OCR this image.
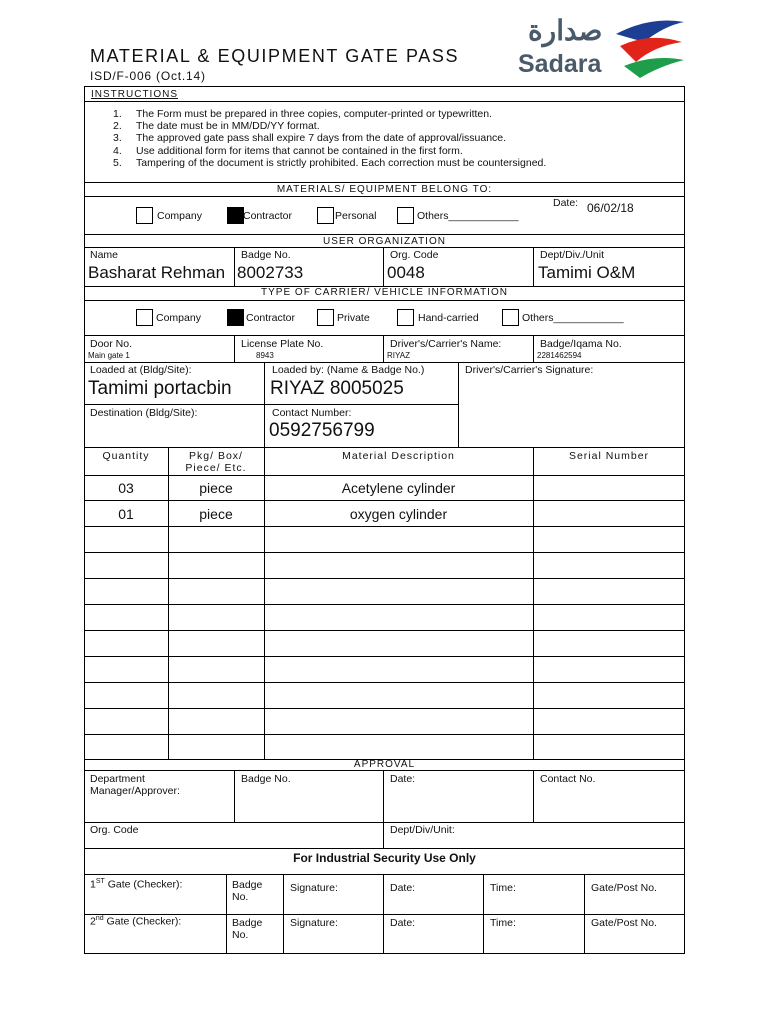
MATERIAL & EQUIPMENT GATE PASS
ISD/F-006 (Oct.14)
صدارة
Sadara
INSTRUCTIONS
1. The Form must be prepared in three copies, computer-printed or typewritten.
2. The date must be in MM/DD/YY format.
3. The approved gate pass shall expire 7 days from the date of approval/issuance.
4. Use additional form for items that cannot be contained in the first form.
5. Tampering of the document is strictly prohibited. Each correction must be countersigned.
MATERIALS/ EQUIPMENT BELONG TO:
Company	Contractor	Personal	Others____________
Date: 06/02/18
USER ORGANIZATION
Name
Basharat Rehman
Badge No.
8002733
Org. Code
0048
Dept/Div./Unit
Tamimi O&M
TYPE OF CARRIER/ VEHICLE INFORMATION
Company	Contractor	Private	Hand-carried	Others____________
Door No.
Main gate 1
License Plate No.
8943
Driver's/Carrier's Name:
RIYAZ
Badge/Iqama No.
2281462594
Loaded at (Bldg/Site):
Tamimi portacbin
Loaded by: (Name & Badge No.)
RIYAZ 8005025
Driver's/Carrier's Signature:
Destination (Bldg/Site):	Contact Number:
0592756799
Quantity	Pkg/ Box/
Piece/ Etc.
Material Description	Serial Number
03	piece	Acetylene cylinder
01	piece	oxygen cylinder
APPROVAL
Department
Manager/Approver:
Badge No.	Date:	Contact No.
Org. Code	Dept/Div/Unit:
For Industrial Security Use Only
1ST Gate (Checker):	Badge
No.
Signature:	Date:	Time:	Gate/Post No.
2nd Gate (Checker):	Badge
No.
Signature:	Date:	Time:	Gate/Post No.
